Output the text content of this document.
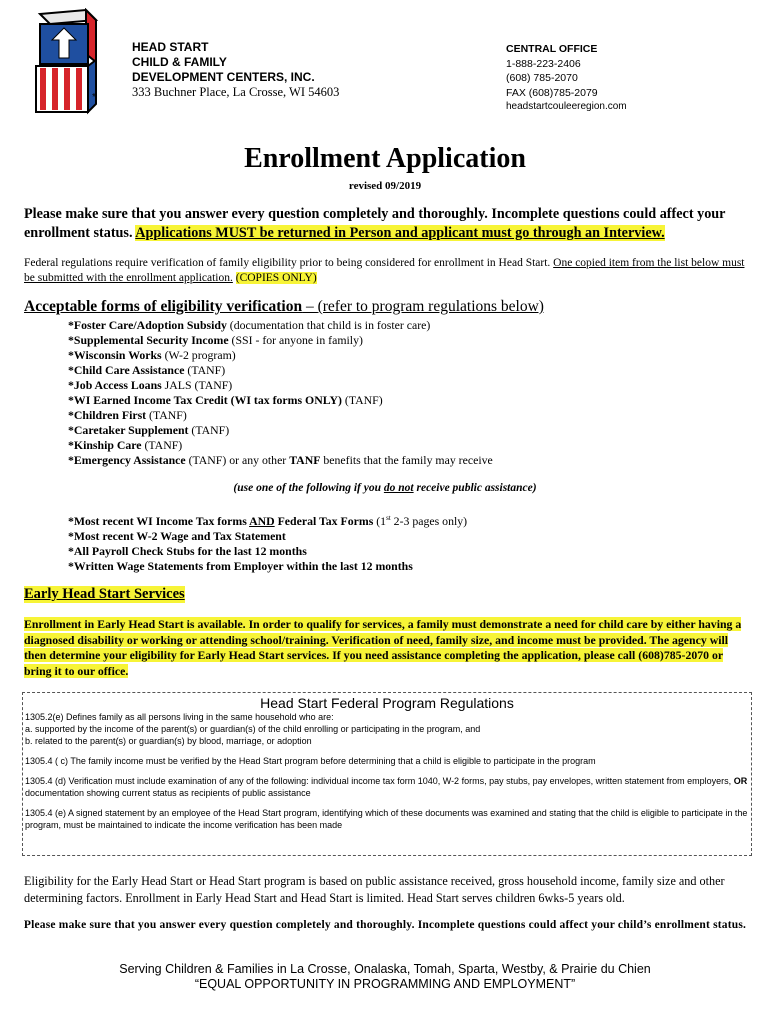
*
HEAD START
CHILD & FAMILY
DEVELOPMENT CENTERS, INC.
333 Buchner Place, La Crosse, WI 54603
CENTRAL OFFICE
1-888-223-2406
(608) 785-2070
FAX (608)785-2079
headstartcouleeregion.com
Enrollment Application
revised 09/2019
Please make sure that you answer every question completely and thoroughly. Incomplete questions could affect your enrollment status. Applications MUST be returned in Person and applicant must go through an Interview.
Federal regulations require verification of family eligibility prior to being considered for enrollment in Head Start. One copied item from the list below must be submitted with the enrollment application. (COPIES ONLY)
Acceptable forms of eligibility verification – (refer to program regulations below)
*Foster Care/Adoption Subsidy (documentation that child is in foster care)
*Supplemental Security Income (SSI - for anyone in family)
*Wisconsin Works (W-2 program)
*Child Care Assistance (TANF)
*Job Access Loans JALS (TANF)
*WI Earned Income Tax Credit (WI tax forms ONLY) (TANF)
*Children First (TANF)
*Caretaker Supplement (TANF)
*Kinship Care (TANF)
*Emergency Assistance (TANF) or any other TANF benefits that the family may receive
(use one of the following if you do not receive public assistance)
*Most recent WI Income Tax forms AND Federal Tax Forms (1st 2-3 pages only)
*Most recent W-2 Wage and Tax Statement
*All Payroll Check Stubs for the last 12 months
*Written Wage Statements from Employer within the last 12 months
Early Head Start Services
Enrollment in Early Head Start is available. In order to qualify for services, a family must demonstrate a need for child care by either having a diagnosed disability or working or attending school/training. Verification of need, family size, and income must be provided. The agency will then determine your eligibility for Early Head Start services. If you need assistance completing the application, please call (608)785-2070 or bring it to our office.
Head Start Federal Program Regulations

1305.2(e) Defines family as all persons living in the same household who are:

a. supported by the income of the parent(s) or guardian(s) of the child enrolling or participating in the program, and

b. related to the parent(s) or guardian(s) by blood, marriage, or adoption

1305.4 ( c) The family income must be verified by the Head Start program before determining that a child is eligible to participate in the program

1305.4 (d) Verification must include examination of any of the following: individual income tax form 1040, W-2 forms, pay stubs, pay envelopes, written statement from employers, OR documentation showing current status as recipients of public assistance

1305.4 (e) A signed statement by an employee of the Head Start program, identifying which of these documents was examined and stating that the child is eligible to participate in the program, must be maintained to indicate the income verification has been made

Eligibility for the Early Head Start or Head Start program is based on public assistance received, gross household income, family size and other determining factors. Enrollment in Early Head Start and Head Start is limited. Head Start serves children 6wks-5 years old.
Please make sure that you answer every question completely and thoroughly. Incomplete questions could affect your child’s enrollment status.
Serving Children & Families in La Crosse, Onalaska, Tomah, Sparta, Westby, & Prairie du Chien
“EQUAL OPPORTUNITY IN PROGRAMMING AND EMPLOYMENT”
